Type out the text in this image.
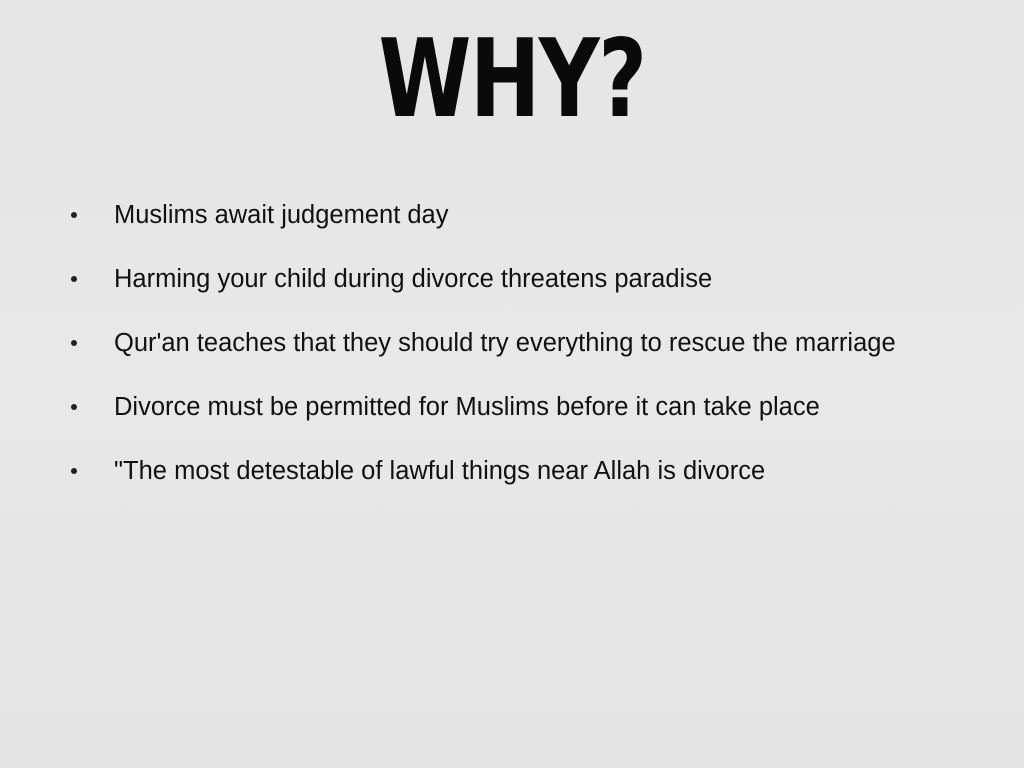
WHY?
Muslims await judgement day
Harming your child during divorce threatens paradise
Qur'an teaches that they should try everything to rescue the marriage
Divorce must be permitted for Muslims before it can take place
"The most detestable of lawful things near Allah is divorce
